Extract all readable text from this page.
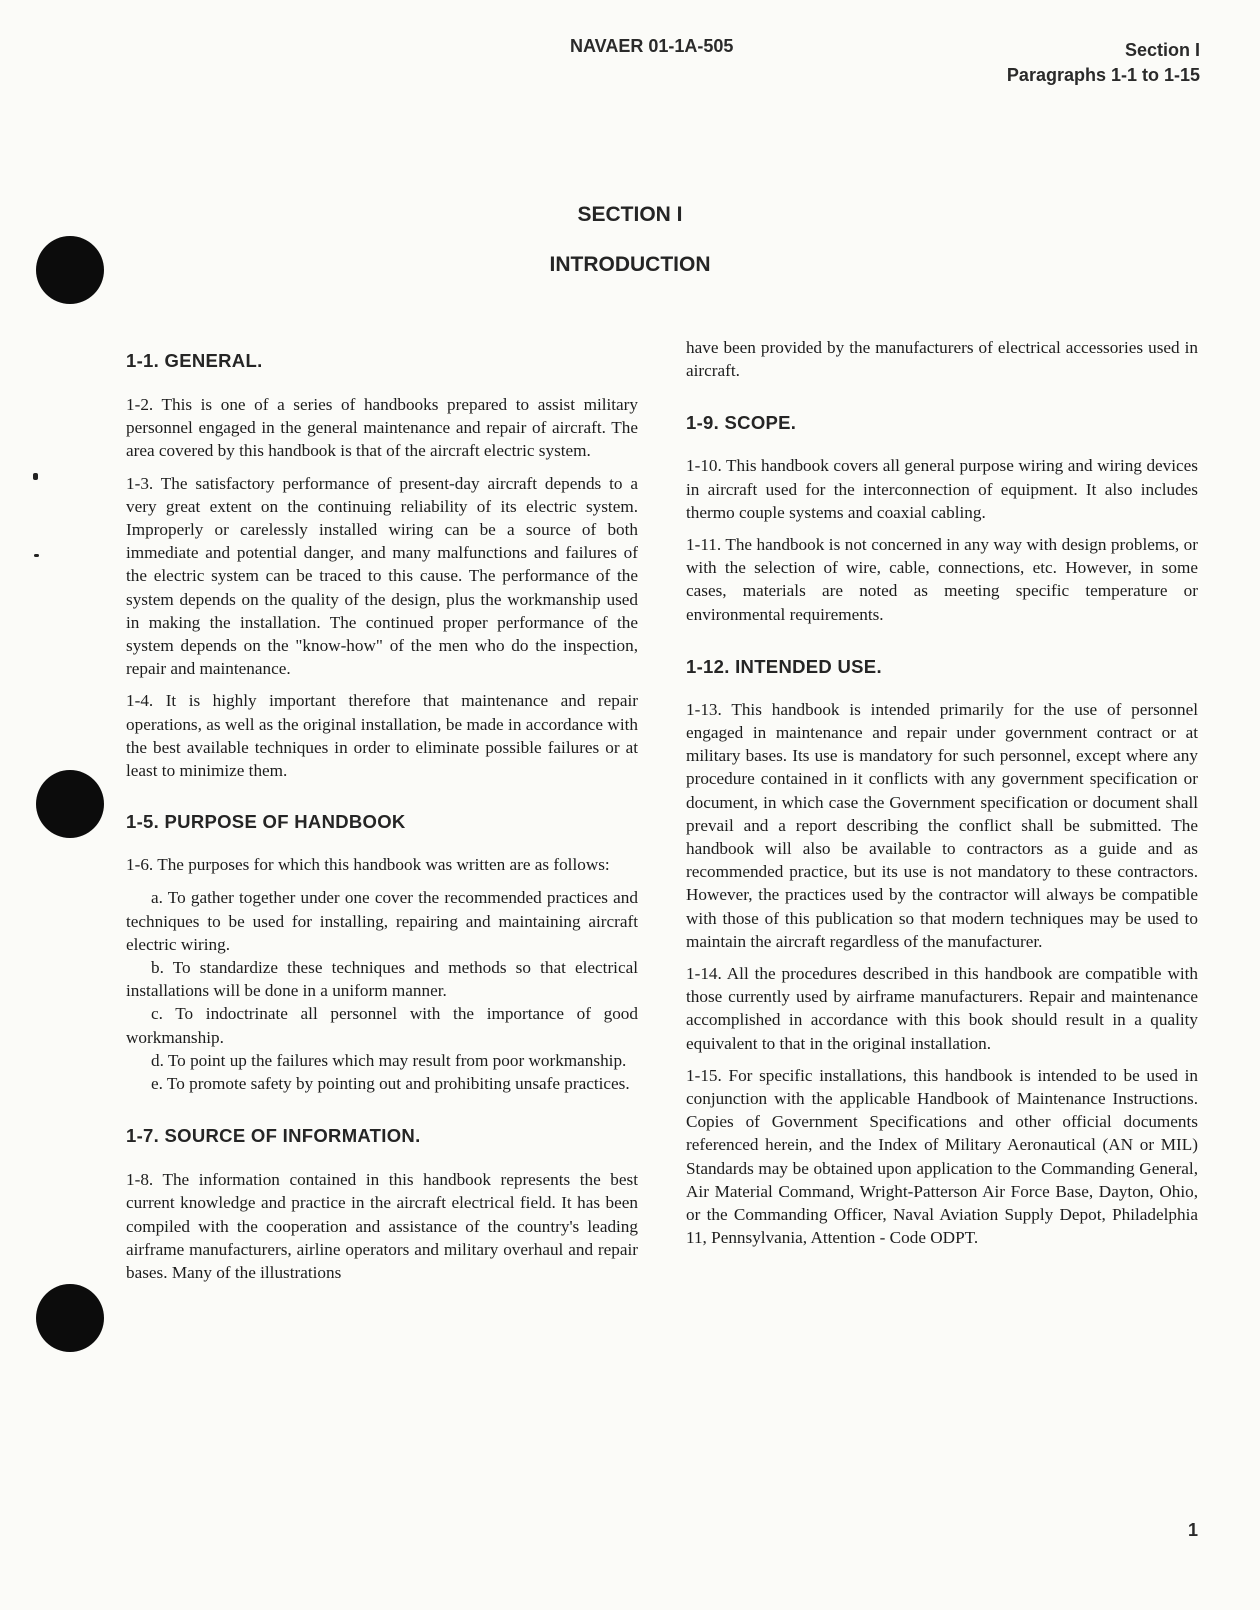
NAVAER 01-1A-505	Section I
Paragraphs 1-1 to 1-15
SECTION I
INTRODUCTION
1-1. GENERAL.

1-2. This is one of a series of handbooks prepared to assist military personnel engaged in the general maintenance and repair of aircraft. The area covered by this handbook is that of the aircraft electric system.

1-3. The satisfactory performance of present-day aircraft depends to a very great extent on the continuing reliability of its electric system. Improperly or carelessly installed wiring can be a source of both immediate and potential danger, and many malfunctions and failures of the electric system can be traced to this cause. The performance of the system depends on the quality of the design, plus the workmanship used in making the installation. The continued proper performance of the system depends on the "know-how" of the men who do the inspection, repair and maintenance.

1-4. It is highly important therefore that maintenance and repair operations, as well as the original installation, be made in accordance with the best available techniques in order to eliminate possible failures or at least to minimize them.

1-5. PURPOSE OF HANDBOOK

1-6. The purposes for which this handbook was written are as follows:

a. To gather together under one cover the recommended practices and techniques to be used for installing, repairing and maintaining aircraft electric wiring.

b. To standardize these techniques and methods so that electrical installations will be done in a uniform manner.

c. To indoctrinate all personnel with the importance of good workmanship.

d. To point up the failures which may result from poor workmanship.

e. To promote safety by pointing out and prohibiting unsafe practices.

1-7. SOURCE OF INFORMATION.

1-8. The information contained in this handbook represents the best current knowledge and practice in the aircraft electrical field. It has been compiled with the cooperation and assistance of the country's leading airframe manufacturers, airline operators and military overhaul and repair bases. Many of the illustrations

have been provided by the manufacturers of electrical accessories used in aircraft.

1-9. SCOPE.

1-10. This handbook covers all general purpose wiring and wiring devices in aircraft used for the interconnection of equipment. It also includes thermo couple systems and coaxial cabling.

1-11. The handbook is not concerned in any way with design problems, or with the selection of wire, cable, connections, etc. However, in some cases, materials are noted as meeting specific temperature or environmental requirements.

1-12. INTENDED USE.

1-13. This handbook is intended primarily for the use of personnel engaged in maintenance and repair under government contract or at military bases. Its use is mandatory for such personnel, except where any procedure contained in it conflicts with any government specification or document, in which case the Government specification or document shall prevail and a report describing the conflict shall be submitted. The handbook will also be available to contractors as a guide and as recommended practice, but its use is not mandatory to these contractors. However, the practices used by the contractor will always be compatible with those of this publication so that modern techniques may be used to maintain the aircraft regardless of the manufacturer.

1-14. All the procedures described in this handbook are compatible with those currently used by airframe manufacturers. Repair and maintenance accomplished in accordance with this book should result in a quality equivalent to that in the original installation.

1-15. For specific installations, this handbook is intended to be used in conjunction with the applicable Handbook of Maintenance Instructions. Copies of Government Specifications and other official documents referenced herein, and the Index of Military Aeronautical (AN or MIL) Standards may be obtained upon application to the Commanding General, Air Material Command, Wright-Patterson Air Force Base, Dayton, Ohio, or the Commanding Officer, Naval Aviation Supply Depot, Philadelphia 11, Pennsylvania, Attention - Code ODPT.

1
